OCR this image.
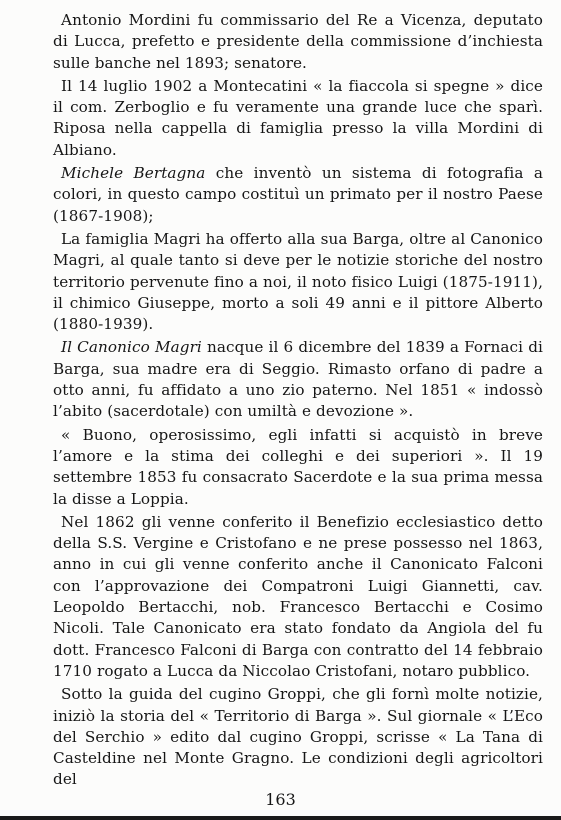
Antonio Mordini fu commissario del Re a Vicenza, deputato di Lucca, prefetto e presidente della commissione d’inchiesta sulle banche nel 1893; senatore.

Il 14 luglio 1902 a Montecatini « la fiaccola si spegne » dice il com. Zerboglio e fu veramente una grande luce che sparì. Riposa nella cappella di famiglia presso la villa Mordini di Albiano.

Michele Bertagna che inventò un sistema di fotografia a colori, in questo campo costituì un primato per il nostro Paese (1867-1908);

La famiglia Magri ha offerto alla sua Barga, oltre al Canonico Magri, al quale tanto si deve per le notizie storiche del nostro territorio pervenute fino a noi, il noto fisico Luigi (1875-1911), il chimico Giuseppe, morto a soli 49 anni e il pittore Alberto (1880-1939).

Il Canonico Magri nacque il 6 dicembre del 1839 a Fornaci di Barga, sua madre era di Seggio. Rimasto orfano di padre a otto anni, fu affidato a uno zio paterno. Nel 1851 « indossò l’abito (sacerdotale) con umiltà e devozione ».

« Buono, operosissimo, egli infatti si acquistò in breve l’amore e la stima dei colleghi e dei superiori ». Il 19 settembre 1853 fu consacrato Sacerdote e la sua prima messa la disse a Loppia.

Nel 1862 gli venne conferito il Benefizio ecclesiastico detto della S.S. Vergine e Cristofano e ne prese possesso nel 1863, anno in cui gli venne conferito anche il Canonicato Falconi con l’approvazione dei Compatroni Luigi Giannetti, cav. Leopoldo Bertacchi, nob. Francesco Bertacchi e Cosimo Nicoli. Tale Canonicato era stato fondato da Angiola del fu dott. Francesco Falconi di Barga con contratto del 14 febbraio 1710 rogato a Lucca da Niccolao Cristofani, notaro pubblico.

Sotto la guida del cugino Groppi, che gli fornì molte notizie, iniziò la storia del « Territorio di Barga ». Sul giornale « L’Eco del Serchio » edito dal cugino Groppi, scrisse « La Tana di Casteldine nel Monte Gragno. Le condizioni degli agricoltori del

163
